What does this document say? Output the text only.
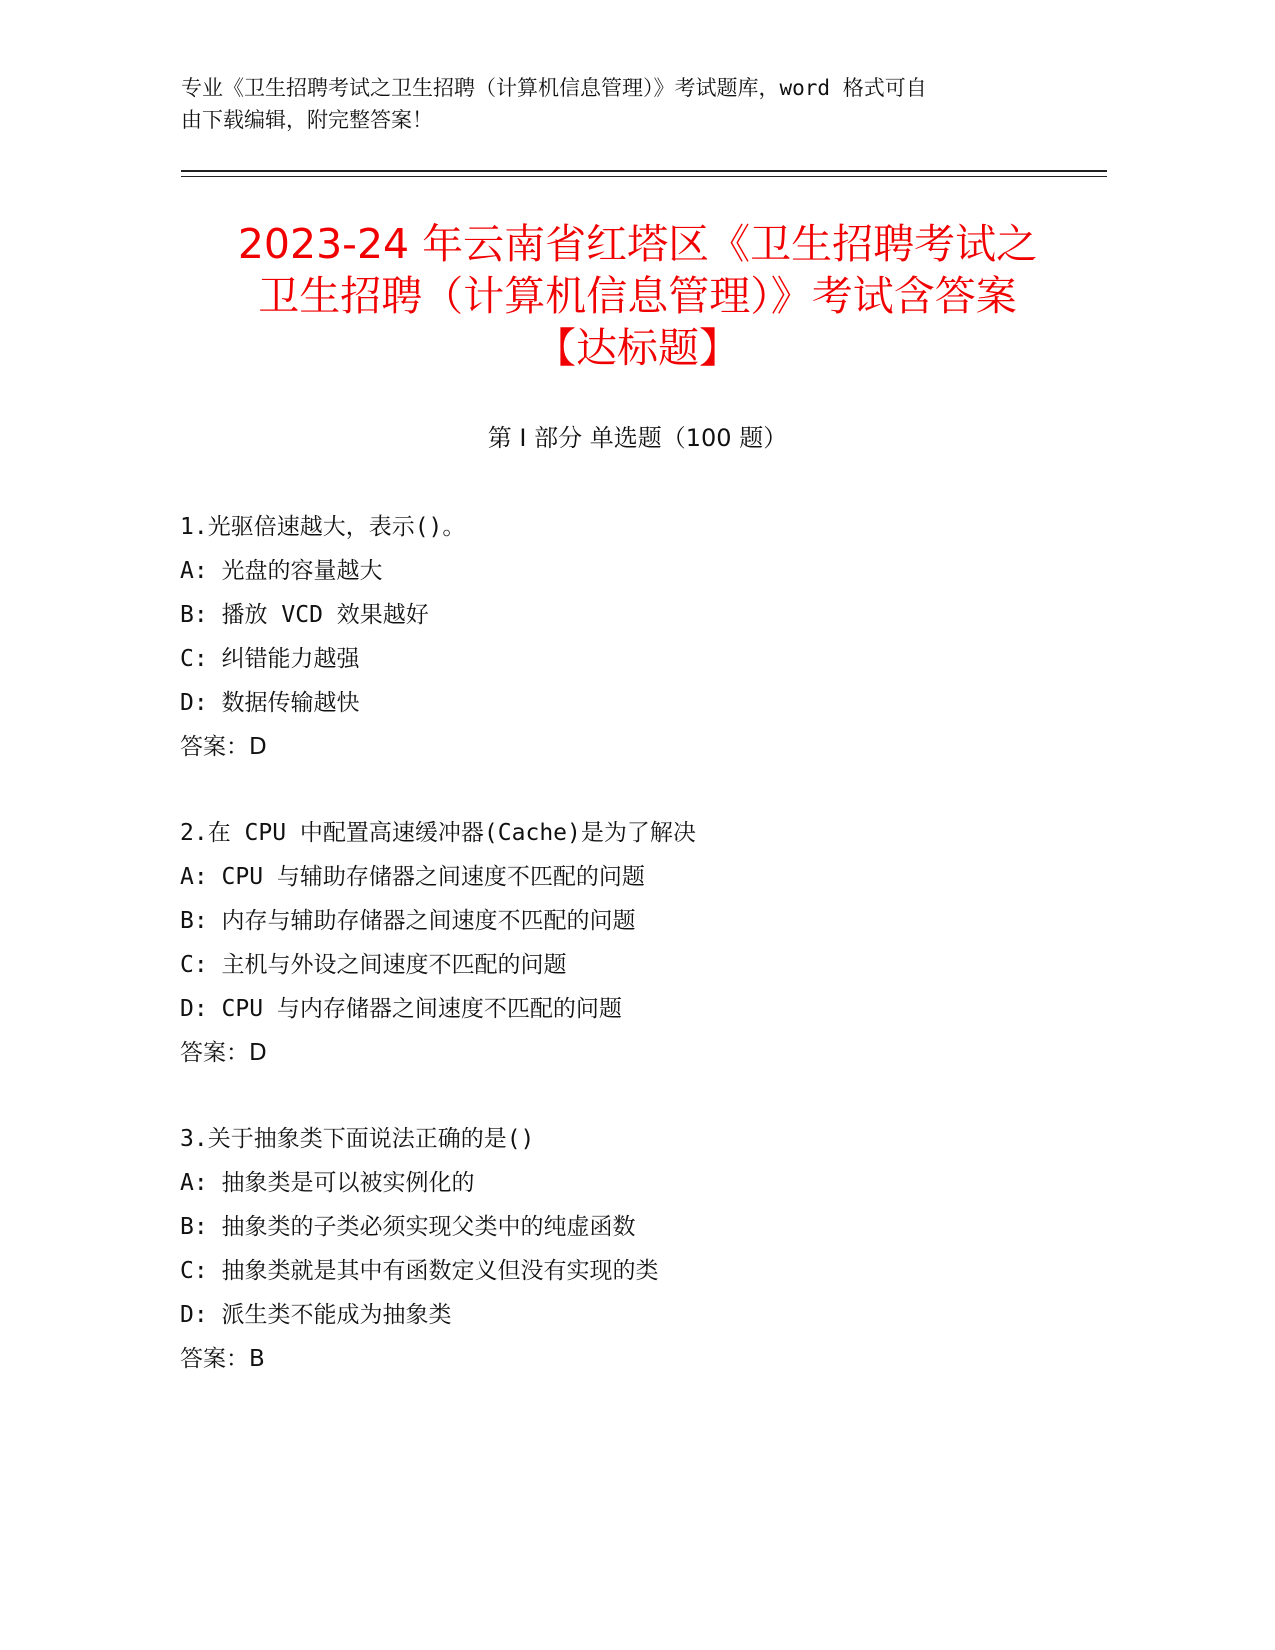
专业《卫生招聘考试之卫生招聘（计算机信息管理）》考试题库，word 格式可自
由下载编辑，附完整答案！
2023-24 年云南省红塔区《卫生招聘考试之
卫生招聘（计算机信息管理）》考试含答案
【达标题】
第 I 部分 单选题（100 题）
1.光驱倍速越大，表示()。
A: 光盘的容量越大
B: 播放 VCD 效果越好
C: 纠错能力越强
D: 数据传输越快
答案：D
2.在 CPU 中配置高速缓冲器(Cache)是为了解决
A: CPU 与辅助存储器之间速度不匹配的问题
B: 内存与辅助存储器之间速度不匹配的问题
C: 主机与外设之间速度不匹配的问题
D: CPU 与内存储器之间速度不匹配的问题
答案：D
3.关于抽象类下面说法正确的是()
A: 抽象类是可以被实例化的
B: 抽象类的子类必须实现父类中的纯虚函数
C: 抽象类就是其中有函数定义但没有实现的类
D: 派生类不能成为抽象类
答案：B
